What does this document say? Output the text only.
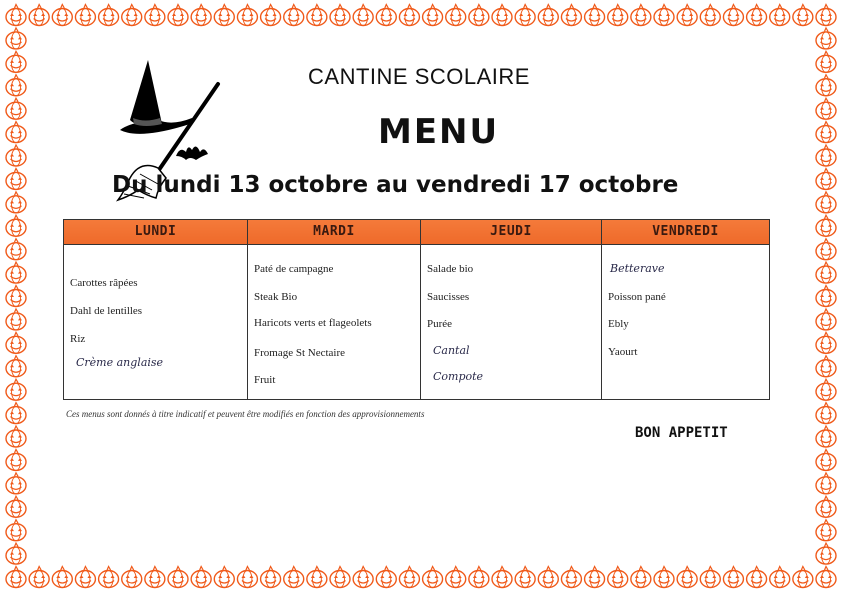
CANTINE SCOLAIRE
MENU
Du lundi 13 octobre au vendredi 17 octobre
LUNDI
Carottes râpées
Dahl de lentilles
Riz
Crème anglaise
MARDI
Paté de campagne
Steak Bio
Haricots verts et flageolets
Fromage St Nectaire
Fruit
JEUDI
Salade bio
Saucisses
Purée
Cantal
Compote
VENDREDI
Betterave
Poisson pané
Ebly
Yaourt
Ces menus sont donnés à titre indicatif et peuvent être modifiés en fonction des approvisionnements
BON APPETIT
